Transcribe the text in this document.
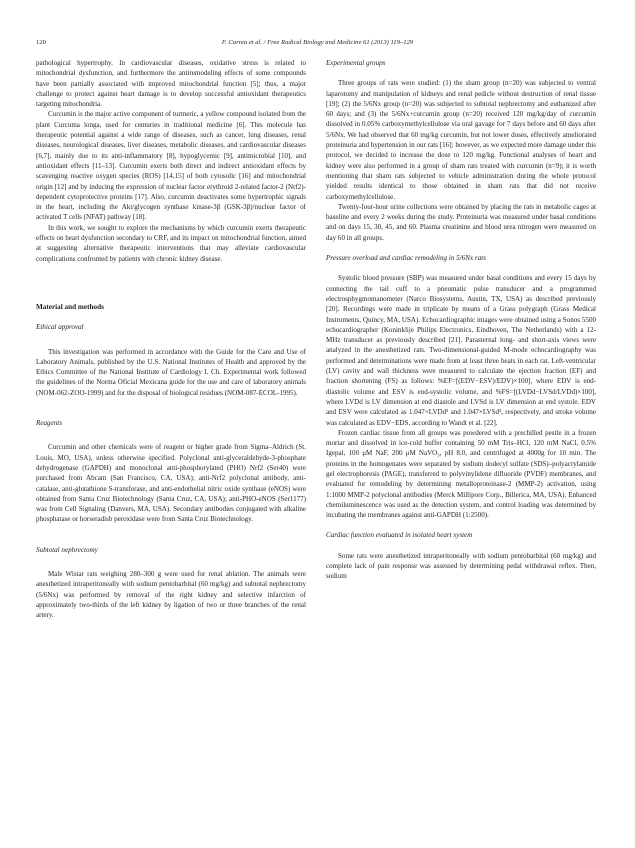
120	F. Correa et al. / Free Radical Biology and Medicine 61 (2013) 119–129

pathological hypertrophy. In cardiovascular diseases, oxidative stress is related to mitochondrial dysfunction, and furthermore the antiremodeling effects of some compounds have been partially associated with improved mitochondrial function [5]; thus, a major challenge to protect against heart damage is to develop successful antioxidant therapeutics targeting mitochondria.

Curcumin is the major active component of turmeric, a yellow compound isolated from the plant Curcuma longa, used for centuries in traditional medicine [6]. This molecule has therapeutic potential against a wide range of diseases, such as cancer, lung diseases, renal diseases, neurological diseases, liver diseases, metabolic diseases, and cardiovascular diseases [6,7], mainly due to its anti-inflammatory [8], hypoglycemic [9], antimicrobial [10], and antioxidant effects [11–13]. Curcumin exerts both direct and indirect antioxidant effects by scavenging reactive oxygen species (ROS) [14,15] of both cytosolic [16] and mitochondrial origin [12] and by inducing the expression of nuclear factor erythroid 2-related factor-2 (Nrf2)-dependent cytoprotective proteins [17]. Also, curcumin deactivates some hypertrophic signals in the heart, including the Akt/glycogen synthase kinase-3β (GSK-3β)/nuclear factor of activated T cells (NFAT) pathway [18].

In this work, we sought to explore the mechanisms by which curcumin exerts therapeutic effects on heart dysfunction secondary to CRF, and its impact on mitochondrial function, aimed at suggesting alternative therapeutic interventions that may alleviate cardiovascular complications confronted by patients with chronic kidney disease.

Material and methods

Ethical approval

This investigation was performed in accordance with the Guide for the Care and Use of Laboratory Animals, published by the U.S. National Institutes of Health and approved by the Ethics Committee of the National Institute of Cardiology I. Ch. Experimental work followed the guidelines of the Norma Oficial Mexicana guide for the use and care of laboratory animals (NOM-062-ZOO-1999) and for the disposal of biological residues (NOM-087-ECOL-1995).

Reagents

Curcumin and other chemicals were of reagent or higher grade from Sigma–Aldrich (St. Louis, MO, USA), unless otherwise specified. Polyclonal anti-glyceraldehyde-3-phosphate dehydrogenase (GAPDH) and monoclonal anti-phosphorylated (PHO) Nrf2 (Ser40) were purchased from Abcam (San Francisco, CA, USA); anti-Nrf2 polyclonal antibody, anti-catalase, anti-glutathione S-transferase, and anti-endothelial nitric oxide synthase (eNOS) were obtained from Santa Cruz Biotechnology (Santa Cruz, CA, USA); anti-PHO-eNOS (Ser1177) was from Cell Signaling (Danvers, MA, USA). Secondary antibodies conjugated with alkaline phosphatase or horseradish peroxidase were from Santa Cruz Biotechnology.

Subtotal nephrectomy

Male Wistar rats weighing 280–300 g were used for renal ablation. The animals were anesthetized intraperitoneally with sodium pentobarbital (60 mg/kg) and subtotal nephrectomy (5/6Nx) was performed by removal of the right kidney and selective infarction of approximately two-thirds of the left kidney by ligation of two or three branches of the renal artery.

Experimental groups

Three groups of rats were studied: (1) the sham group (n=20) was subjected to ventral laparotomy and manipulation of kidneys and renal pedicle without destruction of renal tissue [19]; (2) the 5/6Nx group (n=20) was subjected to subtotal nephrectomy and euthanized after 60 days; and (3) the 5/6Nx+curcumin group (n=20) received 120 mg/kg/day of curcumin dissolved in 0.05% carboxymethylcellulose via oral gavage for 7 days before and 60 days after 5/6Nx. We had observed that 60 mg/kg curcumin, but not lower doses, effectively ameliorated proteinuria and hypertension in our rats [16]; however, as we expected more damage under this protocol, we decided to increase the dose to 120 mg/kg. Functional analyses of heart and kidney were also performed in a group of sham rats treated with curcumin (n=9); it is worth mentioning that sham rats subjected to vehicle administration during the whole protocol yielded results identical to those obtained in sham rats that did not receive carboxymethylcellulose.

Twenty-four-hour urine collections were obtained by placing the rats in metabolic cages at baseline and every 2 weeks during the study. Proteinuria was measured under basal conditions and on days 15, 30, 45, and 60. Plasma creatinine and blood urea nitrogen were measured on day 60 in all groups.

Pressure overload and cardiac remodeling in 5/6Nx rats

Systolic blood pressure (SBP) was measured under basal conditions and every 15 days by connecting the tail cuff to a pneumatic pulse transducer and a programmed electrosphygmomanometer (Narco Biosystems, Austin, TX, USA) as described previously [20]. Recordings were made in triplicate by means of a Grass polygraph (Grass Medical Instruments, Quincy, MA, USA). Echocardiographic images were obtained using a Sonos 5500 echocardiographer (Koninklije Philips Electronics, Eindhoven, The Netherlands) with a 12-MHz transducer as previously described [21]. Parasternal long- and short-axis views were analyzed in the anesthetized rats. Two-dimensional-guided M-mode echocardiography was performed and determinations were made from at least three beats in each rat. Left-ventricular (LV) cavity and wall thickness were measured to calculate the ejection fraction (EF) and fraction shortening (FS) as follows: %EF=[(EDV−ESV)/EDV)×100], where EDV is end-diastolic volume and ESV is end-systolic volume, and %FS=[(LVDd−LVSd/LVDd)×100], where LVDd is LV dimension at end diastole and LVSd is LV dimension at end systole. EDV and ESV were calculated as 1.047×LVDd³ and 1.047×LVSd³, respectively, and stroke volume was calculated as EDV−EDS, according to Wandt et al. [22].

Frozen cardiac tissue from all groups was powdered with a prechilled pestle in a frozen mortar and dissolved in ice-cold buffer containing 50 mM Tris–HCl, 120 mM NaCl, 0.5% Igepal, 100 μM NaF, 200 μM NaVO₃, pH 8.0, and centrifuged at 4000g for 10 min. The proteins in the homogenates were separated by sodium dodecyl sulfate (SDS)–polyacrylamide gel electrophoresis (PAGE), transferred to polyvinylidene difluoride (PVDF) membranes, and evaluated for remodeling by determining metalloproteinase-2 (MMP-2) activation, using 1:1000 MMP-2 polyclonal antibodies (Merck Millipore Corp., Billerica, MA, USA). Enhanced chemiluminescence was used as the detection system, and control loading was determined by incubating the membranes against anti-GAPDH (1:2500).

Cardiac function evaluated in isolated heart system

Some rats were anesthetized intraperitoneally with sodium pentobarbital (60 mg/kg) and complete lack of pain response was assessed by determining pedal withdrawal reflex. Then, sodium
